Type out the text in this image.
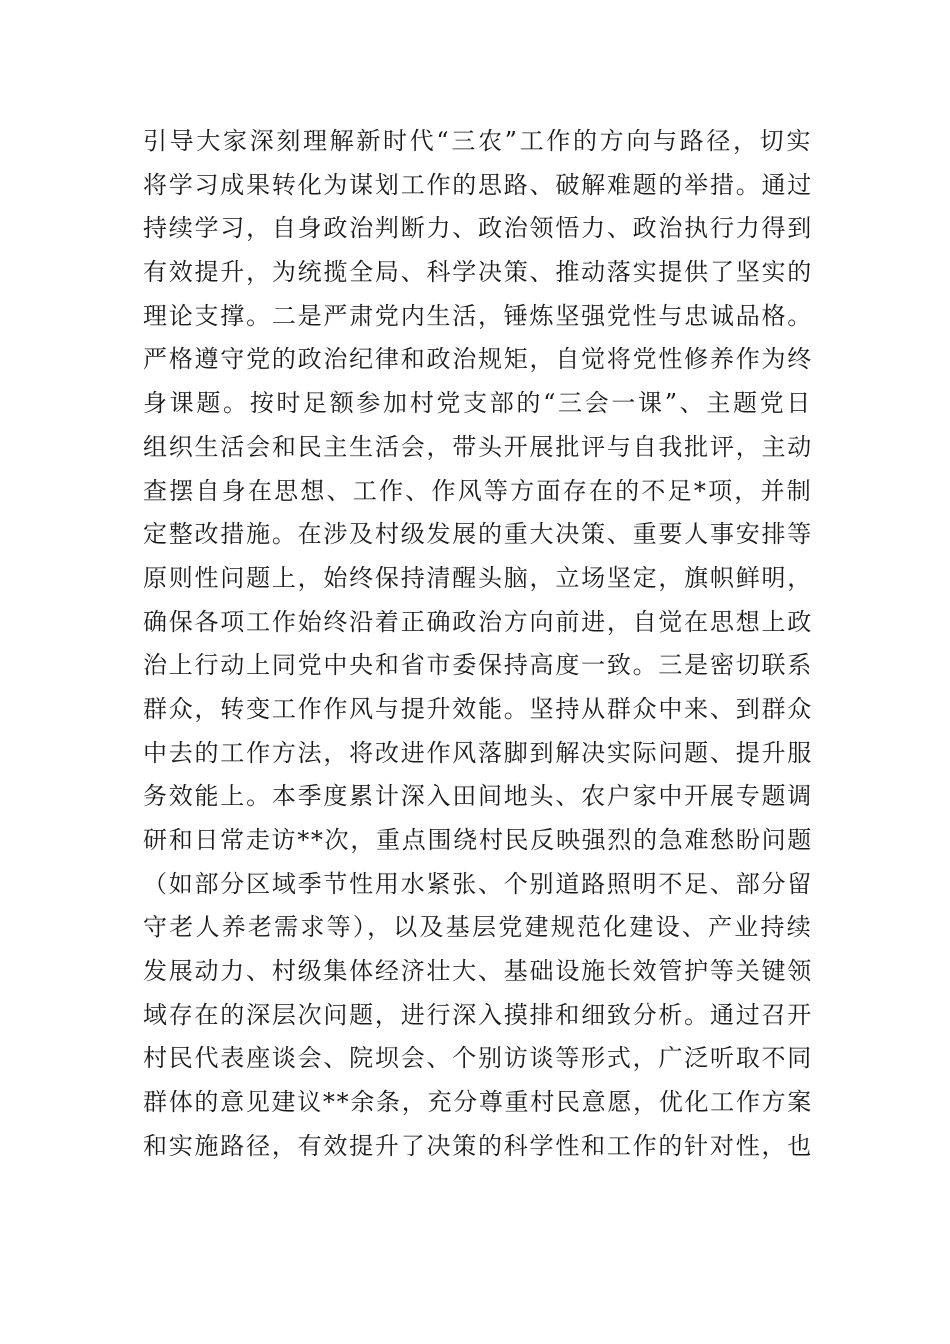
引导大家深刻理解新时代“三农”工作的方向与路径，切实
将学习成果转化为谋划工作的思路、破解难题的举措。通过
持续学习，自身政治判断力、政治领悟力、政治执行力得到
有效提升，为统揽全局、科学决策、推动落实提供了坚实的
理论支撑。二是严肃党内生活，锤炼坚强党性与忠诚品格。
严格遵守党的政治纪律和政治规矩，自觉将党性修养作为终
身课题。按时足额参加村党支部的“三会一课”、主题党日
组织生活会和民主生活会，带头开展批评与自我批评，主动
查摆自身在思想、工作、作风等方面存在的不足*项，并制
定整改措施。在涉及村级发展的重大决策、重要人事安排等
原则性问题上，始终保持清醒头脑，立场坚定，旗帜鲜明，
确保各项工作始终沿着正确政治方向前进，自觉在思想上政
治上行动上同党中央和省市委保持高度一致。三是密切联系
群众，转变工作作风与提升效能。坚持从群众中来、到群众
中去的工作方法，将改进作风落脚到解决实际问题、提升服
务效能上。本季度累计深入田间地头、农户家中开展专题调
研和日常走访**次，重点围绕村民反映强烈的急难愁盼问题
（如部分区域季节性用水紧张、个别道路照明不足、部分留
守老人养老需求等），以及基层党建规范化建设、产业持续
发展动力、村级集体经济壮大、基础设施长效管护等关键领
域存在的深层次问题，进行深入摸排和细致分析。通过召开
村民代表座谈会、院坝会、个别访谈等形式，广泛听取不同
群体的意见建议**余条，充分尊重村民意愿，优化工作方案
和实施路径，有效提升了决策的科学性和工作的针对性，也
